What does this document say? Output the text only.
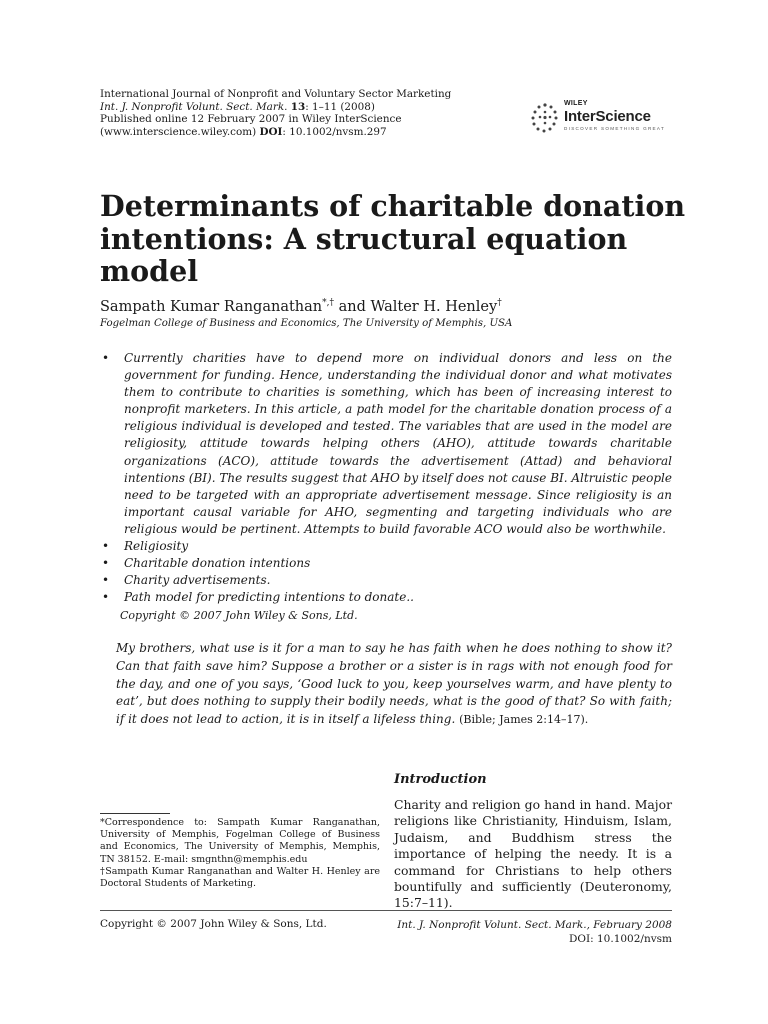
International Journal of Nonprofit and Voluntary Sector Marketing
Int. J. Nonprofit Volunt. Sect. Mark. 13: 1–11 (2008)
Published online 12 February 2007 in Wiley InterScience
(www.interscience.wiley.com) DOI: 10.1002/nvsm.297
WILEY
InterScience
DISCOVER SOMETHING GREAT
Determinants of charitable donation intentions: A structural equation model
Sampath Kumar Ranganathan*,† and Walter H. Henley†
Fogelman College of Business and Economics, The University of Memphis, USA
• Currently charities have to depend more on individual donors and less on the government for funding. Hence, understanding the individual donor and what motivates them to contribute to charities is something, which has been of increasing interest to nonprofit marketers. In this article, a path model for the charitable donation process of a religious individual is developed and tested. The variables that are used in the model are religiosity, attitude towards helping others (AHO), attitude towards charitable organizations (ACO), attitude towards the advertisement (Attad) and behavioral intentions (BI). The results suggest that AHO by itself does not cause BI. Altruistic people need to be targeted with an appropriate advertisement message. Since religiosity is an important causal variable for AHO, segmenting and targeting individuals who are religious would be pertinent. Attempts to build favorable ACO would also be worthwhile.
• Religiosity
• Charitable donation intentions
• Charity advertisements.
• Path model for predicting intentions to donate..
Copyright © 2007 John Wiley & Sons, Ltd.
My brothers, what use is it for a man to say he has faith when he does nothing to show it? Can that faith save him? Suppose a brother or a sister is in rags with not enough food for the day, and one of you says, ‘Good luck to you, keep yourselves warm, and have plenty to eat’, but does nothing to supply their bodily needs, what is the good of that? So with faith; if it does not lead to action, it is in itself a lifeless thing. (Bible; James 2:14–17).
Introduction
Charity and religion go hand in hand. Major religions like Christianity, Hinduism, Islam, Judaism, and Buddhism stress the importance of helping the needy. It is a command for Christians to help others bountifully and sufficiently (Deuteronomy, 15:7–11).
*Correspondence to: Sampath Kumar Ranganathan, University of Memphis, Fogelman College of Business and Economics, The University of Memphis, Memphis, TN 38152. E-mail: smgnthn@memphis.edu
†Sampath Kumar Ranganathan and Walter H. Henley are Doctoral Students of Marketing.
Copyright © 2007 John Wiley & Sons, Ltd.	Int. J. Nonprofit Volunt. Sect. Mark., February 2008
DOI: 10.1002/nvsm
